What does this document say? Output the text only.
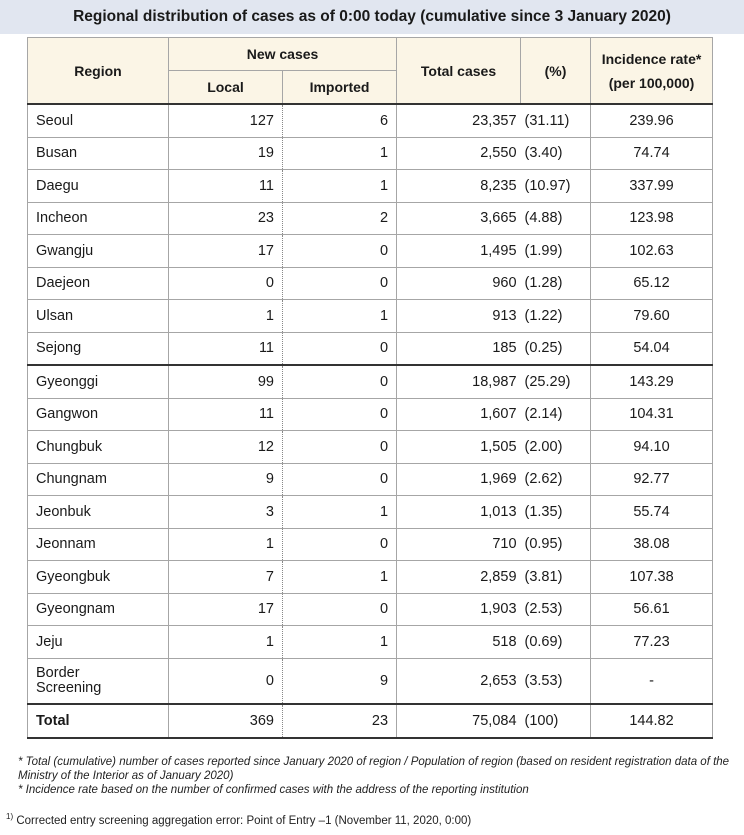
Regional distribution of cases as of 0:00 today (cumulative since 3 January 2020)
Region	New cases		Total cases	(%)	Incidence rate*
(per 100,000)

	Local	Imported			
Seoul	127	6	23,357	(31.11)	239.96
Busan	19	1	2,550	(3.40)	74.74
Daegu	11	1	8,235	(10.97)	337.99
Incheon	23	2	3,665	(4.88)	123.98
Gwangju	17	0	1,495	(1.99)	102.63
Daejeon	0	0	960	(1.28)	65.12
Ulsan	1	1	913	(1.22)	79.60
Sejong	11	0	185	(0.25)	54.04
Gyeonggi	99	0	18,987	(25.29)	143.29
Gangwon	11	0	1,607	(2.14)	104.31
Chungbuk	12	0	1,505	(2.00)	94.10
Chungnam	9	0	1,969	(2.62)	92.77
Jeonbuk	3	1	1,013	(1.35)	55.74
Jeonnam	1	0	710	(0.95)	38.08
Gyeongbuk	7	1	2,859	(3.81)	107.38
Gyeongnam	17	0	1,903	(2.53)	56.61
Jeju	1	1	518	(0.69)	77.23

Border
Screening	0	9	2,653	(3.53)	-
Total	369	23	75,084	(100)	144.82
* Total (cumulative) number of cases reported since January 2020 of region / Population of region (based on resident registration data of the Ministry of the Interior as of January 2020)
* Incidence rate based on the number of confirmed cases with the address of the reporting institution
$^{1)}$ Corrected entry screening aggregation error: Point of Entry –1 (November 11, 2020, 0:00)
